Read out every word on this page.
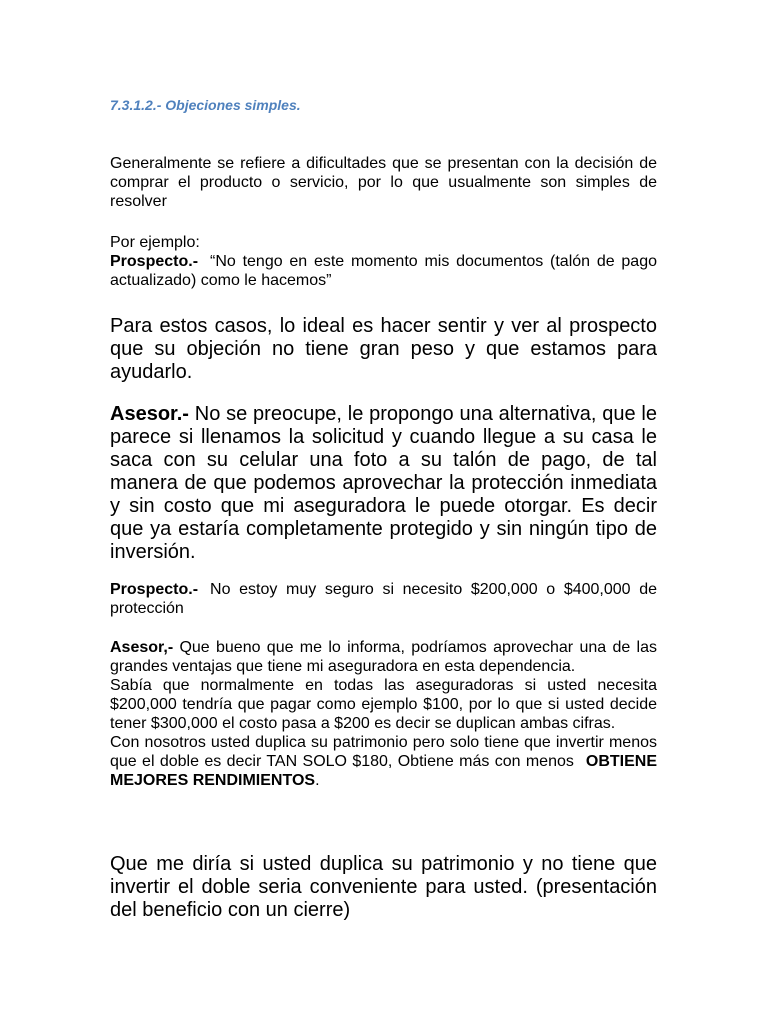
7.3.1.2.- Objeciones simples.

Generalmente se refiere a dificultades que se presentan con la decisión de comprar el producto o servicio, por lo que usualmente son simples de resolver

Por ejemplo:

Prospecto.- “No tengo en este momento mis documentos (talón de pago actualizado) como le hacemos”

Para estos casos, lo ideal es hacer sentir y ver al prospecto que su objeción no tiene gran peso y que estamos para ayudarlo.

Asesor.- No se preocupe, le propongo una alternativa, que le parece si llenamos la solicitud y cuando llegue a su casa le saca con su celular una foto a su talón de pago, de tal manera de que podemos aprovechar la protección inmediata y sin costo que mi aseguradora le puede otorgar. Es decir que ya estaría completamente protegido y sin ningún tipo de inversión.

Prospecto.- No estoy muy seguro si necesito $200,000 o $400,000 de protección

Asesor,- Que bueno que me lo informa, podríamos aprovechar una de las grandes ventajas que tiene mi aseguradora en esta dependencia.

Sabía que normalmente en todas las aseguradoras si usted necesita $200,000 tendría que pagar como ejemplo $100, por lo que si usted decide tener $300,000 el costo pasa a $200 es decir se duplican ambas cifras.

Con nosotros usted duplica su patrimonio pero solo tiene que invertir menos que el doble es decir TAN SOLO $180, Obtiene más con menos OBTIENE MEJORES RENDIMIENTOS.

Que me diría si usted duplica su patrimonio y no tiene que invertir el doble seria conveniente para usted. (presentación del beneficio con un cierre)
